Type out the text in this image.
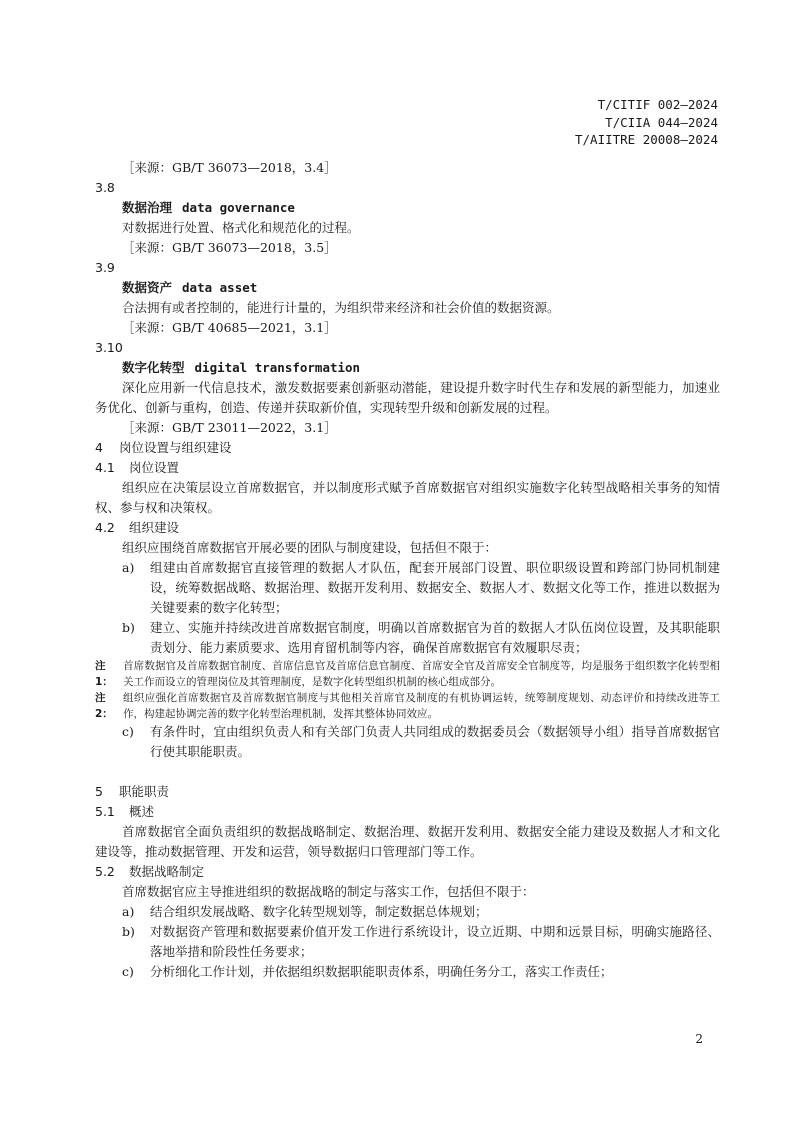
T/CITIF 002—2024
T/CIIA 044—2024
T/AIITRE 20008—2024
［来源：GB/T 36073—2018，3.4］
3.8
数据治理 data governance
对数据进行处置、格式化和规范化的过程。
［来源：GB/T 36073—2018，3.5］
3.9
数据资产 data asset
合法拥有或者控制的，能进行计量的，为组织带来经济和社会价值的数据资源。
［来源：GB/T 40685—2021，3.1］
3.10
数字化转型 digital transformation
深化应用新一代信息技术，激发数据要素创新驱动潜能，建设提升数字时代生存和发展的新型能力，加速业务优化、创新与重构，创造、传递并获取新价值，实现转型升级和创新发展的过程。
［来源：GB/T 23011—2022，3.1］
4 岗位设置与组织建设
4.1 岗位设置
组织应在决策层设立首席数据官，并以制度形式赋予首席数据官对组织实施数字化转型战略相关事务的知情权、参与权和决策权。
4.2 组织建设
组织应围绕首席数据官开展必要的团队与制度建设，包括但不限于：
a)	组建由首席数据官直接管理的数据人才队伍，配套开展部门设置、职位职级设置和跨部门协同机制建设，统筹数据战略、数据治理、数据开发利用、数据安全、数据人才、数据文化等工作，推进以数据为关键要素的数字化转型；
b)	建立、实施并持续改进首席数据官制度，明确以首席数据官为首的数据人才队伍岗位设置，及其职能职责划分、能力素质要求、选用育留机制等内容，确保首席数据官有效履职尽责；
注1：
首席数据官及首席数据官制度、首席信息官及首席信息官制度、首席安全官及首席安全官制度等，均是服务于组织数字化转型相关工作而设立的管理岗位及其管理制度，是数字化转型组织机制的核心组成部分。
注2：
组织应强化首席数据官及首席数据官制度与其他相关首席官及制度的有机协调运转，统筹制度规划、动态评价和持续改进等工作，构建起协调完善的数字化转型治理机制，发挥其整体协同效应。
c)	有条件时，宜由组织负责人和有关部门负责人共同组成的数据委员会（数据领导小组）指导首席数据官行使其职能职责。
5 职能职责
5.1 概述
首席数据官全面负责组织的数据战略制定、数据治理、数据开发利用、数据安全能力建设及数据人才和文化建设等，推动数据管理、开发和运营，领导数据归口管理部门等工作。
5.2 数据战略制定
首席数据官应主导推进组织的数据战略的制定与落实工作，包括但不限于：
a)	结合组织发展战略、数字化转型规划等，制定数据总体规划；
b)	对数据资产管理和数据要素价值开发工作进行系统设计，设立近期、中期和远景目标，明确实施路径、落地举措和阶段性任务要求；
c)	分析细化工作计划，并依据组织数据职能职责体系，明确任务分工，落实工作责任；
2
